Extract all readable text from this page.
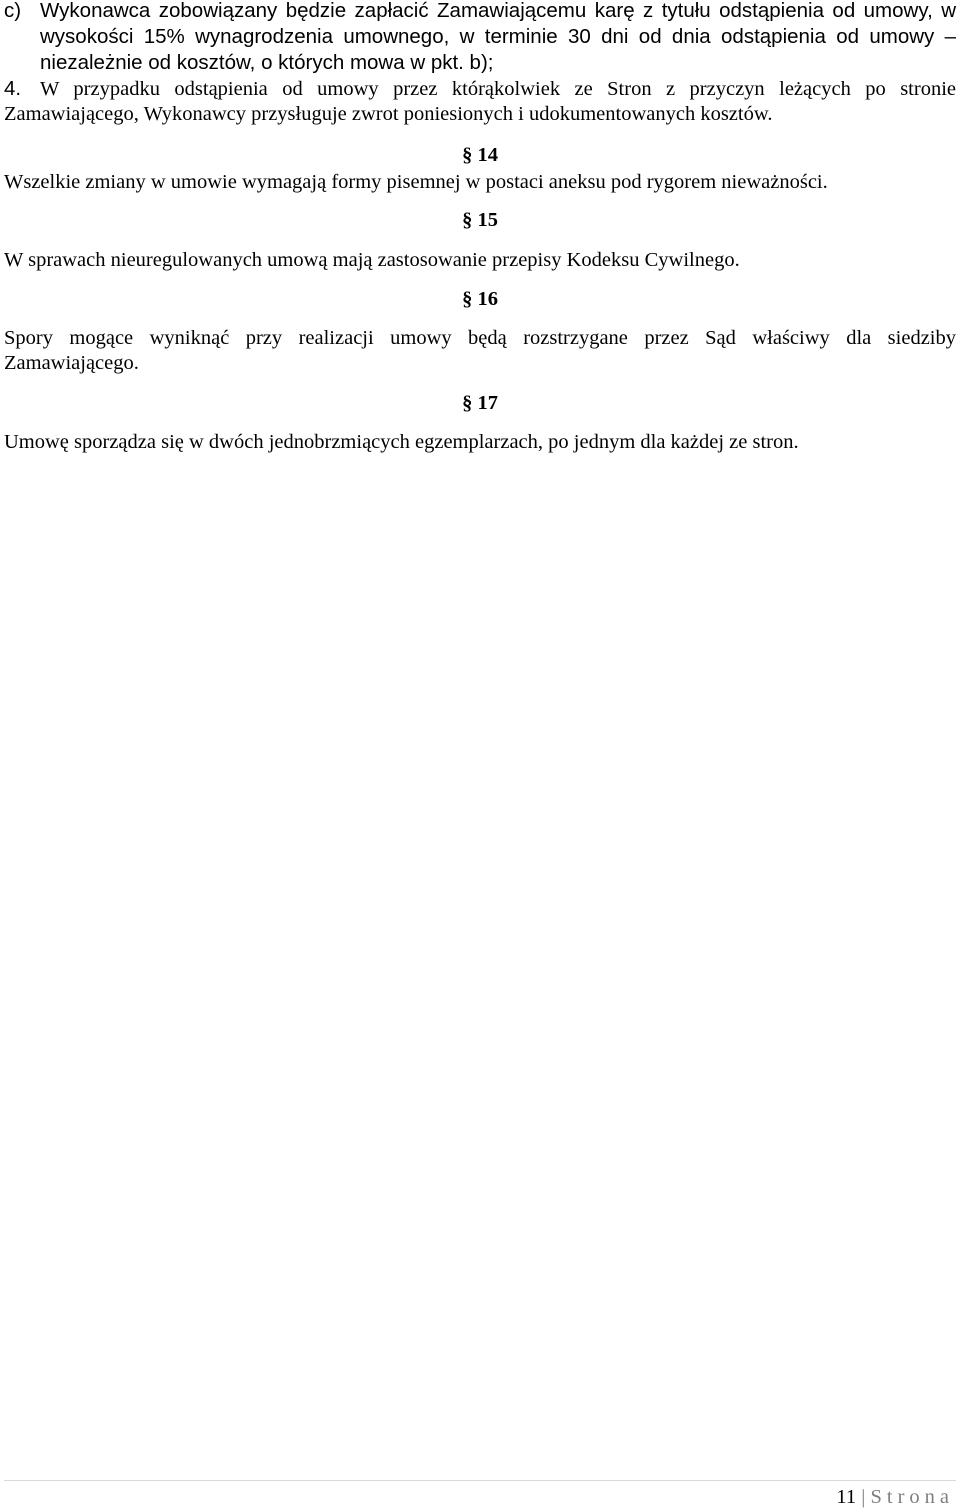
c) Wykonawca zobowiązany będzie zapłacić Zamawiającemu karę z tytułu odstąpienia od umowy, w wysokości 15% wynagrodzenia umownego, w terminie 30 dni od dnia odstąpienia od umowy – niezależnie od kosztów, o których mowa w pkt. b);
4. W przypadku odstąpienia od umowy przez którąkolwiek ze Stron z przyczyn leżących po stronie Zamawiającego, Wykonawcy przysługuje zwrot poniesionych i udokumentowanych kosztów.
§ 14
Wszelkie zmiany w umowie wymagają formy pisemnej w postaci aneksu pod rygorem nieważności.
§ 15
W sprawach nieuregulowanych umową mają zastosowanie przepisy Kodeksu Cywilnego.
§ 16
Spory mogące wyniknąć przy realizacji umowy będą rozstrzygane przez Sąd właściwy dla siedziby Zamawiającego.
§ 17
Umowę sporządza się w dwóch jednobrzmiących egzemplarzach, po jednym dla każdej ze stron.
11 | Strona
